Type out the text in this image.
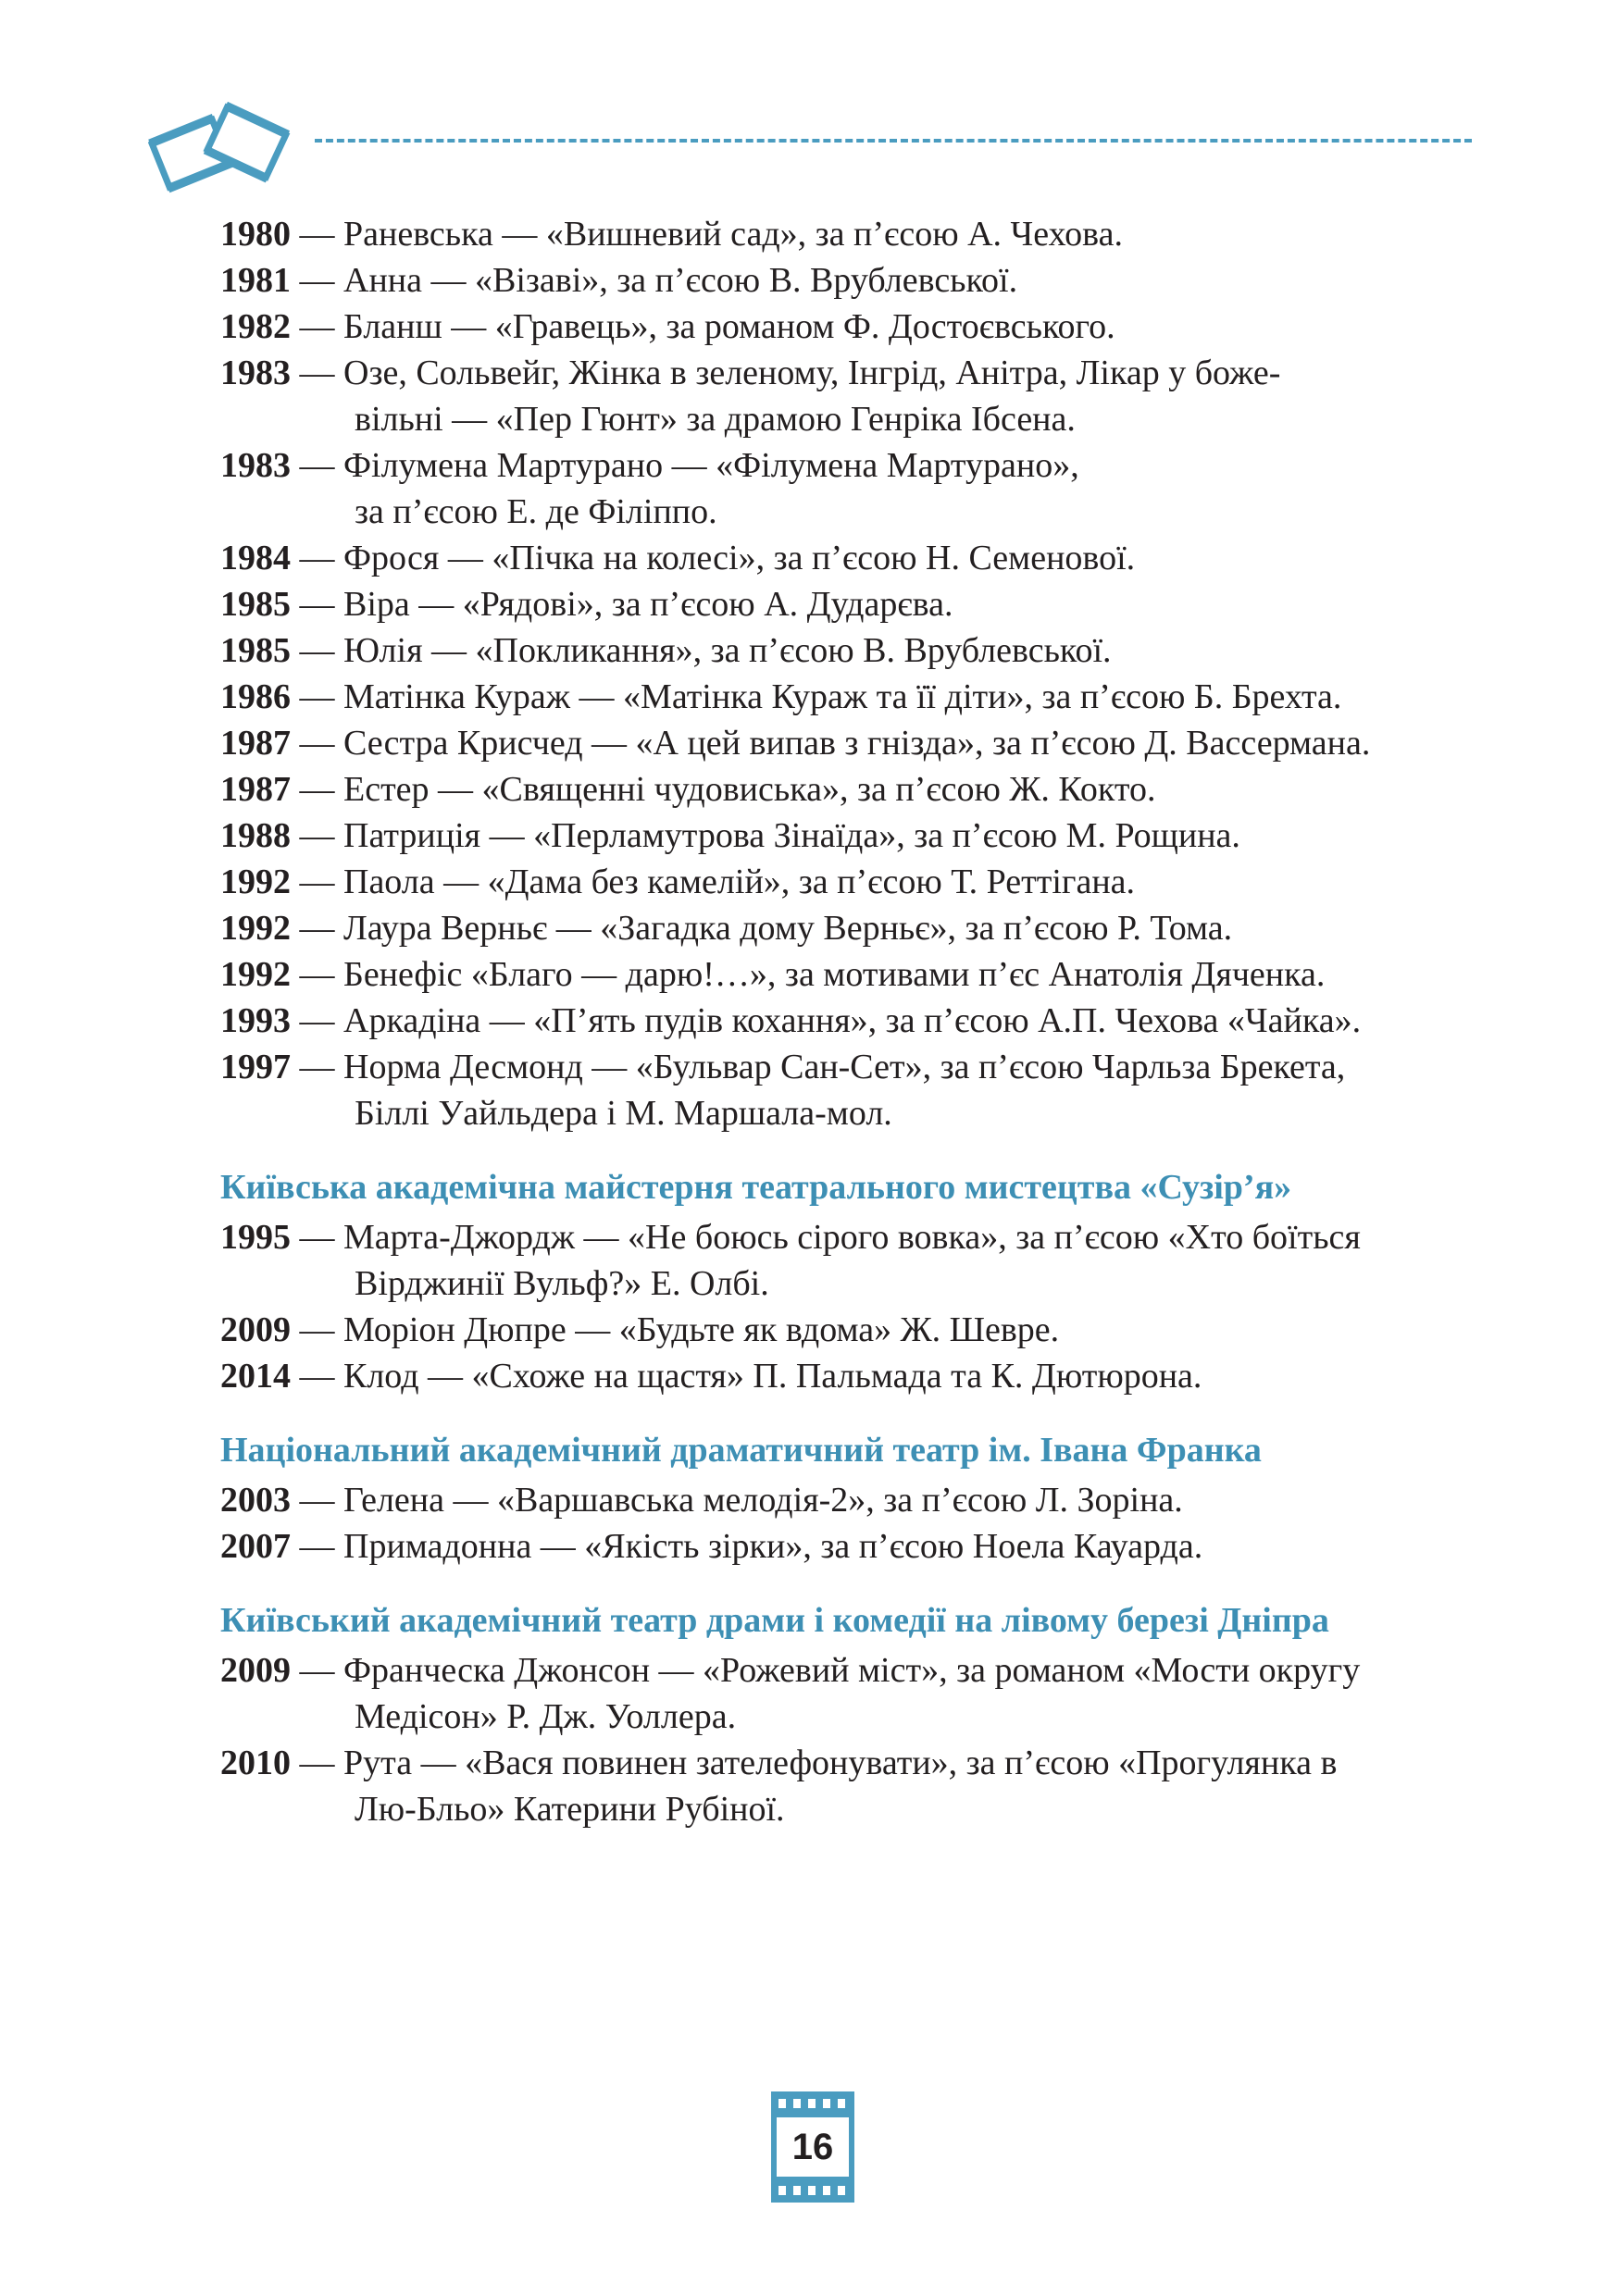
1980 — Раневська — «Вишневий сад», за п’єсою А. Чехова.

1981 — Анна — «Візаві», за п’єсою В. Врублевської.

1982 — Бланш — «Гравець», за романом Ф. Достоєвського.

1983 — Озе, Сольвейг, Жінка в зеленому, Інгрід, Анітра, Лікар у боже-
вільні — «Пер Гюнт» за драмою Генріка Ібсена.

1983 — Філумена Мартурано — «Філумена Мартурано»,
за п’єсою Е. де Філіппо.

1984 — Фрося — «Пічка на колесі», за п’єсою Н. Семенової.

1985 — Віра — «Рядові», за п’єсою А. Дударєва.

1985 — Юлія — «Покликання», за п’єсою В. Врублевської.

1986 — Матінка Кураж — «Матінка Кураж та її діти», за п’єсою Б. Брехта.

1987 — Сестра Крисчед — «А цей випав з гнізда», за п’єсою Д. Вассермана.

1987 — Естер — «Священні чудовиська», за п’єсою Ж. Кокто.

1988 — Патриція — «Перламутрова Зінаїда», за п’єсою М. Рощина.

1992 — Паола — «Дама без камелій», за п’єсою Т. Реттігана.

1992 — Лаура Верньє — «Загадка дому Верньє», за п’єсою Р. Тома.

1992 — Бенефіс «Благо — дарю!…», за мотивами п’єс Анатолія Дяченка.

1993 — Аркадіна — «П’ять пудів кохання», за п’єсою А.П. Чехова «Чайка».

1997 — Норма Десмонд — «Бульвар Сан-Сет», за п’єсою Чарльза Брекета,
Біллі Уайльдера і М. Маршала-мол.

Київська академічна майстерня театрального мистецтва «Сузір’я»

1995 — Марта-Джордж — «Не боюсь сірого вовка», за п’єсою «Хто боїться
Вірджинії Вульф?» Е. Олбі.

2009 — Моріон Дюпре — «Будьте як вдома» Ж. Шевре.

2014 — Клод — «Схоже на щастя» П. Пальмада та К. Дютюрона.

Національний академічний драматичний театр ім. Івана Франка

2003 — Гелена — «Варшавська мелодія-2», за п’єсою Л. Зоріна.

2007 — Примадонна — «Якість зірки», за п’єсою Ноела Кауарда.

Київський академічний театр драми і комедії на лівому березі Дніпра

2009 — Франческа Джонсон — «Рожевий міст», за романом «Мости округу
Медісон» Р. Дж. Уоллера.

2010 — Рута — «Вася повинен зателефонувати», за п’єсою «Прогулянка в
Лю-Бльо» Катерини Рубіної.

16
